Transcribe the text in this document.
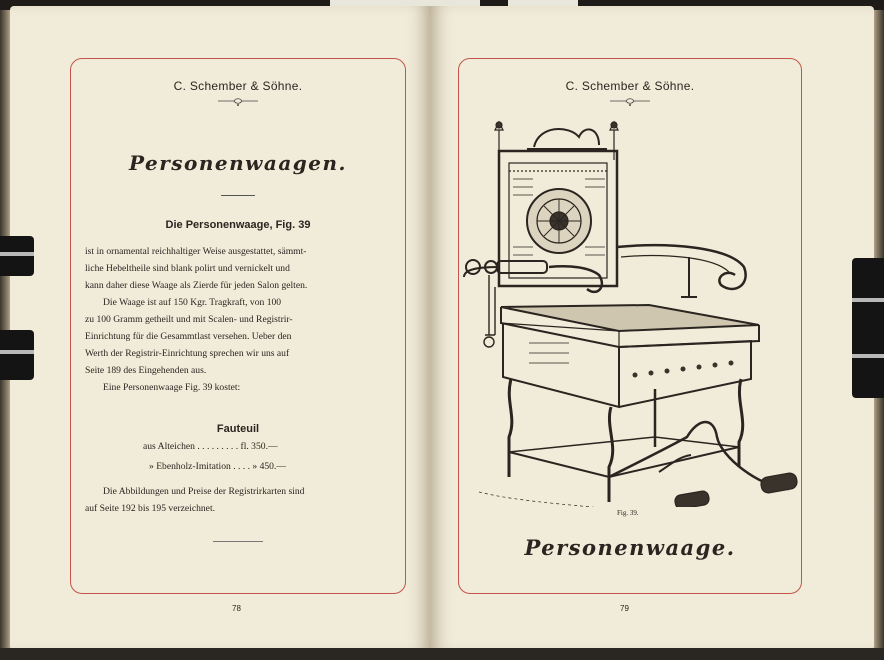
C. Schember & Söhne.
Personenwaagen.
Die Personenwaage, Fig. 39

ist in ornamental reichhaltiger Weise ausgestattet, sämmt-

liche Hebeltheile sind blank polirt und vernickelt und

kann daher diese Waage als Zierde für jeden Salon gelten.

Die Waage ist auf 150 Kgr. Tragkraft, von 100

zu 100 Gramm getheilt und mit Scalen- und Registrir-

Einrichtung für die Gesammtlast versehen. Ueber den

Werth der Registrir-Einrichtung sprechen wir uns auf

Seite 189 des Eingehenden aus.

Eine Personenwaage Fig. 39 kostet:

Fauteuil
aus Alteichen . . . . . . . . . fl. 350.—
» Ebenholz-Imitation . . . . » 450.—

Die Abbildungen und Preise der Registrirkarten sind

auf Seite 192 bis 195 verzeichnet.

78
C. Schember & Söhne.
Fig. 39.
Personenwaage.
79
